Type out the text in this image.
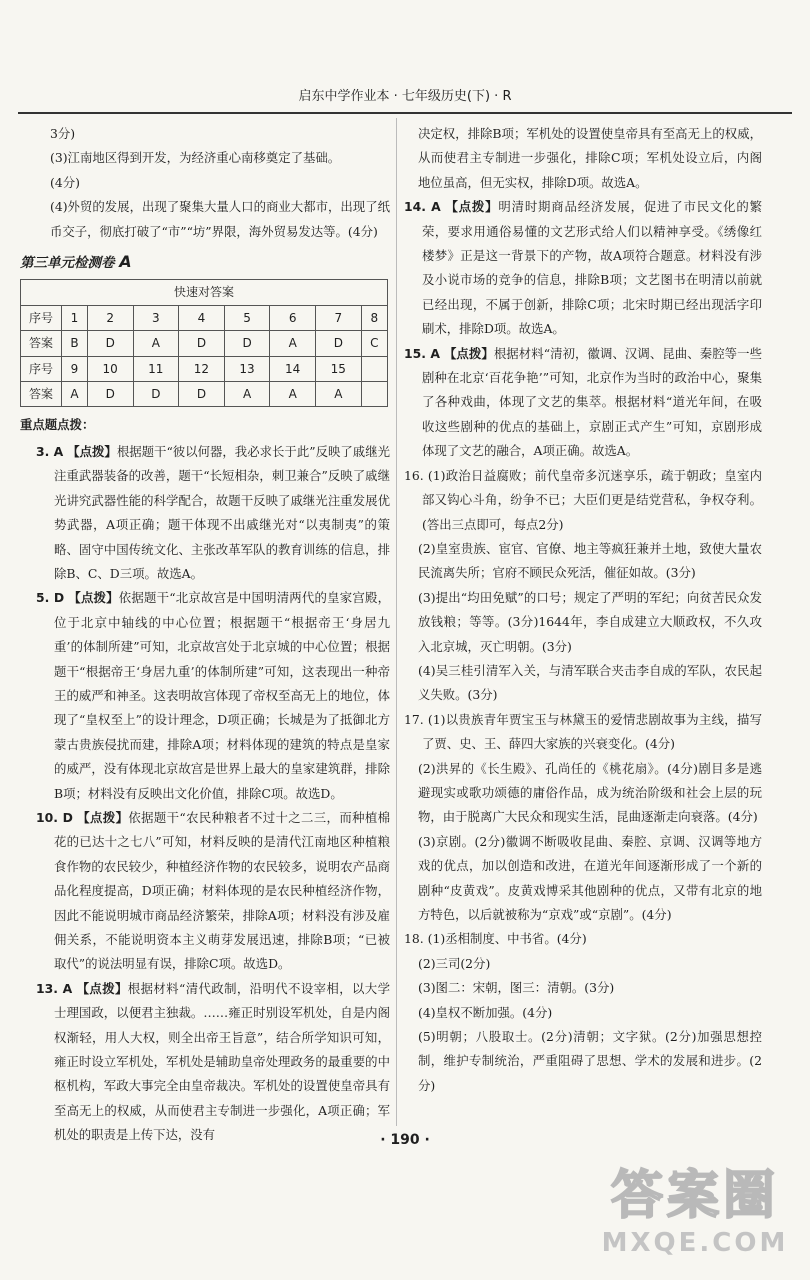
启东中学作业本 · 七年级历史(下) · R

3分)

(3)江南地区得到开发，为经济重心南移奠定了基础。

(4分)

(4)外贸的发展，出现了聚集大量人口的商业大都市，出现了纸币交子，彻底打破了“市”“坊”界限，海外贸易发达等。(4分)

第三单元检测卷 A
快速对答案								
序号	1	2	3	4	5	6	7	8
答案	B	D	A	D	D	A	D	C
序号	9	10	11	12	13	14	15	
答案	A	D	D	D	A	A	A	
重点题点拨：

3. A 【点拨】根据题干“彼以何器，我必求长于此”反映了戚继光注重武器装备的改善，题干“长短相杂，刺卫兼合”反映了戚继光讲究武器性能的科学配合，故题干反映了戚继光注重发展优势武器，A项正确；题干体现不出戚继光对“以夷制夷”的策略、固守中国传统文化、主张改革军队的教育训练的信息，排除B、C、D三项。故选A。

5. D 【点拨】依据题干“北京故宫是中国明清两代的皇家宫殿，位于北京中轴线的中心位置；根据题干“根据帝王‘身居九重’的体制所建”可知，北京故宫处于北京城的中心位置；根据题干“根据帝王‘身居九重’的体制所建”可知，这表现出一种帝王的威严和神圣。这表明故宫体现了帝权至高无上的地位，体现了“皇权至上”的设计理念，D项正确；长城是为了抵御北方蒙古贵族侵扰而建，排除A项；材料体现的建筑的特点是皇家的威严，没有体现北京故宫是世界上最大的皇家建筑群，排除B项；材料没有反映出文化价值，排除C项。故选D。

10. D 【点拨】依据题干“农民种粮者不过十之二三，而种植棉花的已达十之七八”可知，材料反映的是清代江南地区种植粮食作物的农民较少，种植经济作物的农民较多，说明农产品商品化程度提高，D项正确；材料体现的是农民种植经济作物，因此不能说明城市商品经济繁荣，排除A项；材料没有涉及雇佣关系，不能说明资本主义萌芽发展迅速，排除B项；“已被取代”的说法明显有误，排除C项。故选D。

13. A 【点拨】根据材料“清代政制，沿明代不设宰相，以大学士理国政，以便君主独裁。……雍正时别设军机处，自是内阁权渐轻，用人大权，则全出帝王旨意”，结合所学知识可知，雍正时设立军机处，军机处是辅助皇帝处理政务的最重要的中枢机构，军政大事完全由皇帝裁决。军机处的设置使皇帝具有至高无上的权威，从而使君主专制进一步强化，A项正确；军机处的职责是上传下达，没有

决定权，排除B项；军机处的设置使皇帝具有至高无上的权威，从而使君主专制进一步强化，排除C项；军机处设立后，内阁地位虽高，但无实权，排除D项。故选A。

14. A 【点拨】明清时期商品经济发展，促进了市民文化的繁荣，要求用通俗易懂的文艺形式给人们以精神享受。《绣像红楼梦》正是这一背景下的产物，故A项符合题意。材料没有涉及小说市场的竞争的信息，排除B项；文艺图书在明清以前就已经出现，不属于创新，排除C项；北宋时期已经出现活字印刷术，排除D项。故选A。

15. A 【点拨】根据材料“清初，徽调、汉调、昆曲、秦腔等一些剧种在北京‘百花争艳’”可知，北京作为当时的政治中心，聚集了各种戏曲，体现了文艺的集萃。根据材料“道光年间，在吸收这些剧种的优点的基础上，京剧正式产生”可知，京剧形成体现了文艺的融合，A项正确。故选A。

16. (1)政治日益腐败；前代皇帝多沉迷享乐，疏于朝政；皇室内部又钩心斗角，纷争不已；大臣们更是结党营私，争权夺利。(答出三点即可，每点2分)

(2)皇室贵族、宦官、官僚、地主等疯狂兼并土地，致使大量农民流离失所；官府不顾民众死活，催征如故。(3分)

(3)提出“均田免赋”的口号；规定了严明的军纪；向贫苦民众发放钱粮；等等。(3分)1644年，李自成建立大顺政权，不久攻入北京城，灭亡明朝。(3分)

(4)吴三桂引清军入关，与清军联合夹击李自成的军队，农民起义失败。(3分)

17. (1)以贵族青年贾宝玉与林黛玉的爱情悲剧故事为主线，描写了贾、史、王、薛四大家族的兴衰变化。(4分)

(2)洪昇的《长生殿》、孔尚任的《桃花扇》。(4分)剧目多是逃避现实或歌功颂德的庸俗作品，成为统治阶级和社会上层的玩物，由于脱离广大民众和现实生活，昆曲逐渐走向衰落。(4分)

(3)京剧。(2分)徽调不断吸收昆曲、秦腔、京调、汉调等地方戏的优点，加以创造和改进，在道光年间逐渐形成了一个新的剧种“皮黄戏”。皮黄戏博采其他剧种的优点，又带有北京的地方特色，以后就被称为“京戏”或“京剧”。(4分)

18. (1)丞相制度、中书省。(4分)

(2)三司(2分)

(3)图二：宋朝，图三：清朝。(3分)

(4)皇权不断加强。(4分)

(5)明朝；八股取士。(2分)清朝；文字狱。(2分)加强思想控制，维护专制统治，严重阻碍了思想、学术的发展和进步。(2分)

· 190 ·
答案圈
MXQE.COM
